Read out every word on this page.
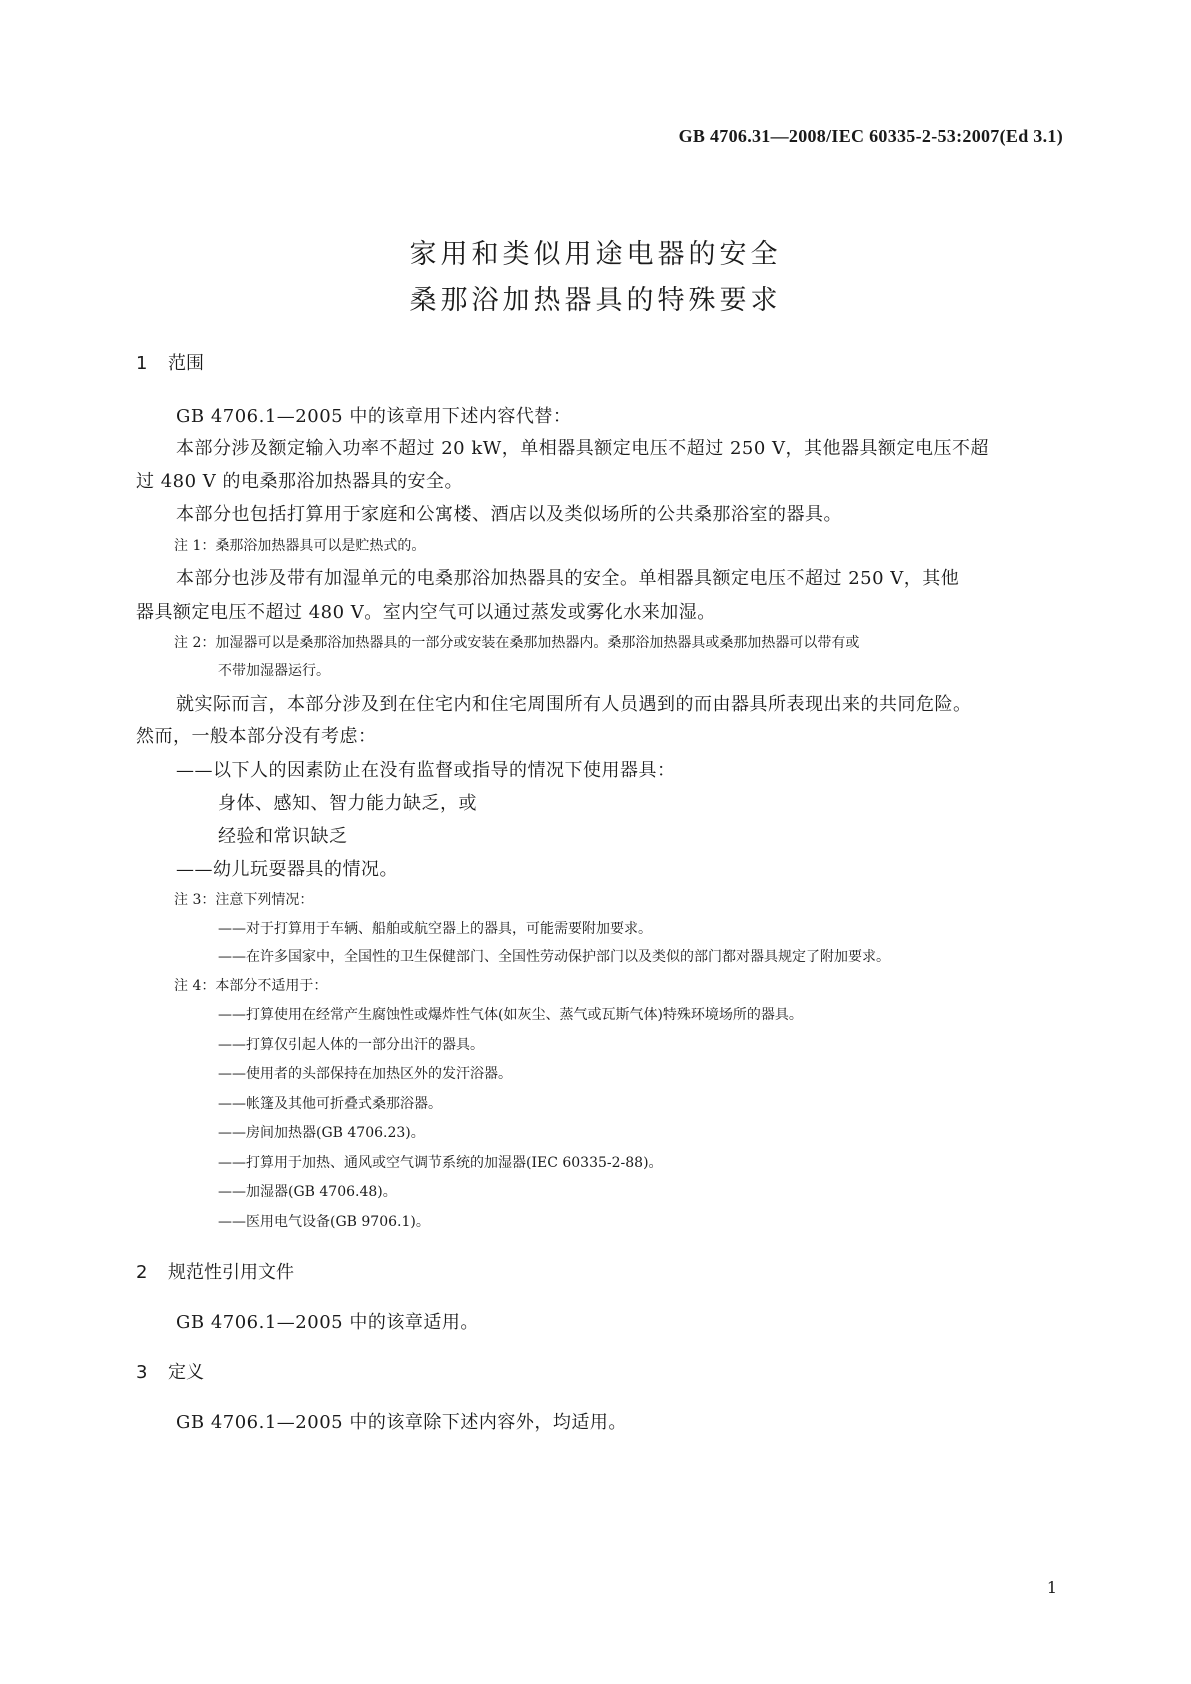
GB 4706.31—2008/IEC 60335-2-53:2007(Ed 3.1)
家用和类似用途电器的安全
桑那浴加热器具的特殊要求
1 范围
GB 4706.1—2005 中的该章用下述内容代替：
本部分涉及额定输入功率不超过 20 kW，单相器具额定电压不超过 250 V，其他器具额定电压不超
过 480 V 的电桑那浴加热器具的安全。
本部分也包括打算用于家庭和公寓楼、酒店以及类似场所的公共桑那浴室的器具。
注 1：桑那浴加热器具可以是贮热式的。
本部分也涉及带有加湿单元的电桑那浴加热器具的安全。单相器具额定电压不超过 250 V，其他
器具额定电压不超过 480 V。室内空气可以通过蒸发或雾化水来加湿。
注 2：加湿器可以是桑那浴加热器具的一部分或安装在桑那加热器内。桑那浴加热器具或桑那加热器可以带有或
不带加湿器运行。
就实际而言，本部分涉及到在住宅内和住宅周围所有人员遇到的而由器具所表现出来的共同危险。
然而，一般本部分没有考虑：
——以下人的因素防止在没有监督或指导的情况下使用器具：
身体、感知、智力能力缺乏，或
经验和常识缺乏
——幼儿玩耍器具的情况。
注 3：注意下列情况：
——对于打算用于车辆、船舶或航空器上的器具，可能需要附加要求。
——在许多国家中，全国性的卫生保健部门、全国性劳动保护部门以及类似的部门都对器具规定了附加要求。
注 4：本部分不适用于：
——打算使用在经常产生腐蚀性或爆炸性气体(如灰尘、蒸气或瓦斯气体)特殊环境场所的器具。
——打算仅引起人体的一部分出汗的器具。
——使用者的头部保持在加热区外的发汗浴器。
——帐篷及其他可折叠式桑那浴器。
——房间加热器(GB 4706.23)。
——打算用于加热、通风或空气调节系统的加湿器(IEC 60335-2-88)。
——加湿器(GB 4706.48)。
——医用电气设备(GB 9706.1)。
2 规范性引用文件
GB 4706.1—2005 中的该章适用。
3 定义
GB 4706.1—2005 中的该章除下述内容外，均适用。
1
